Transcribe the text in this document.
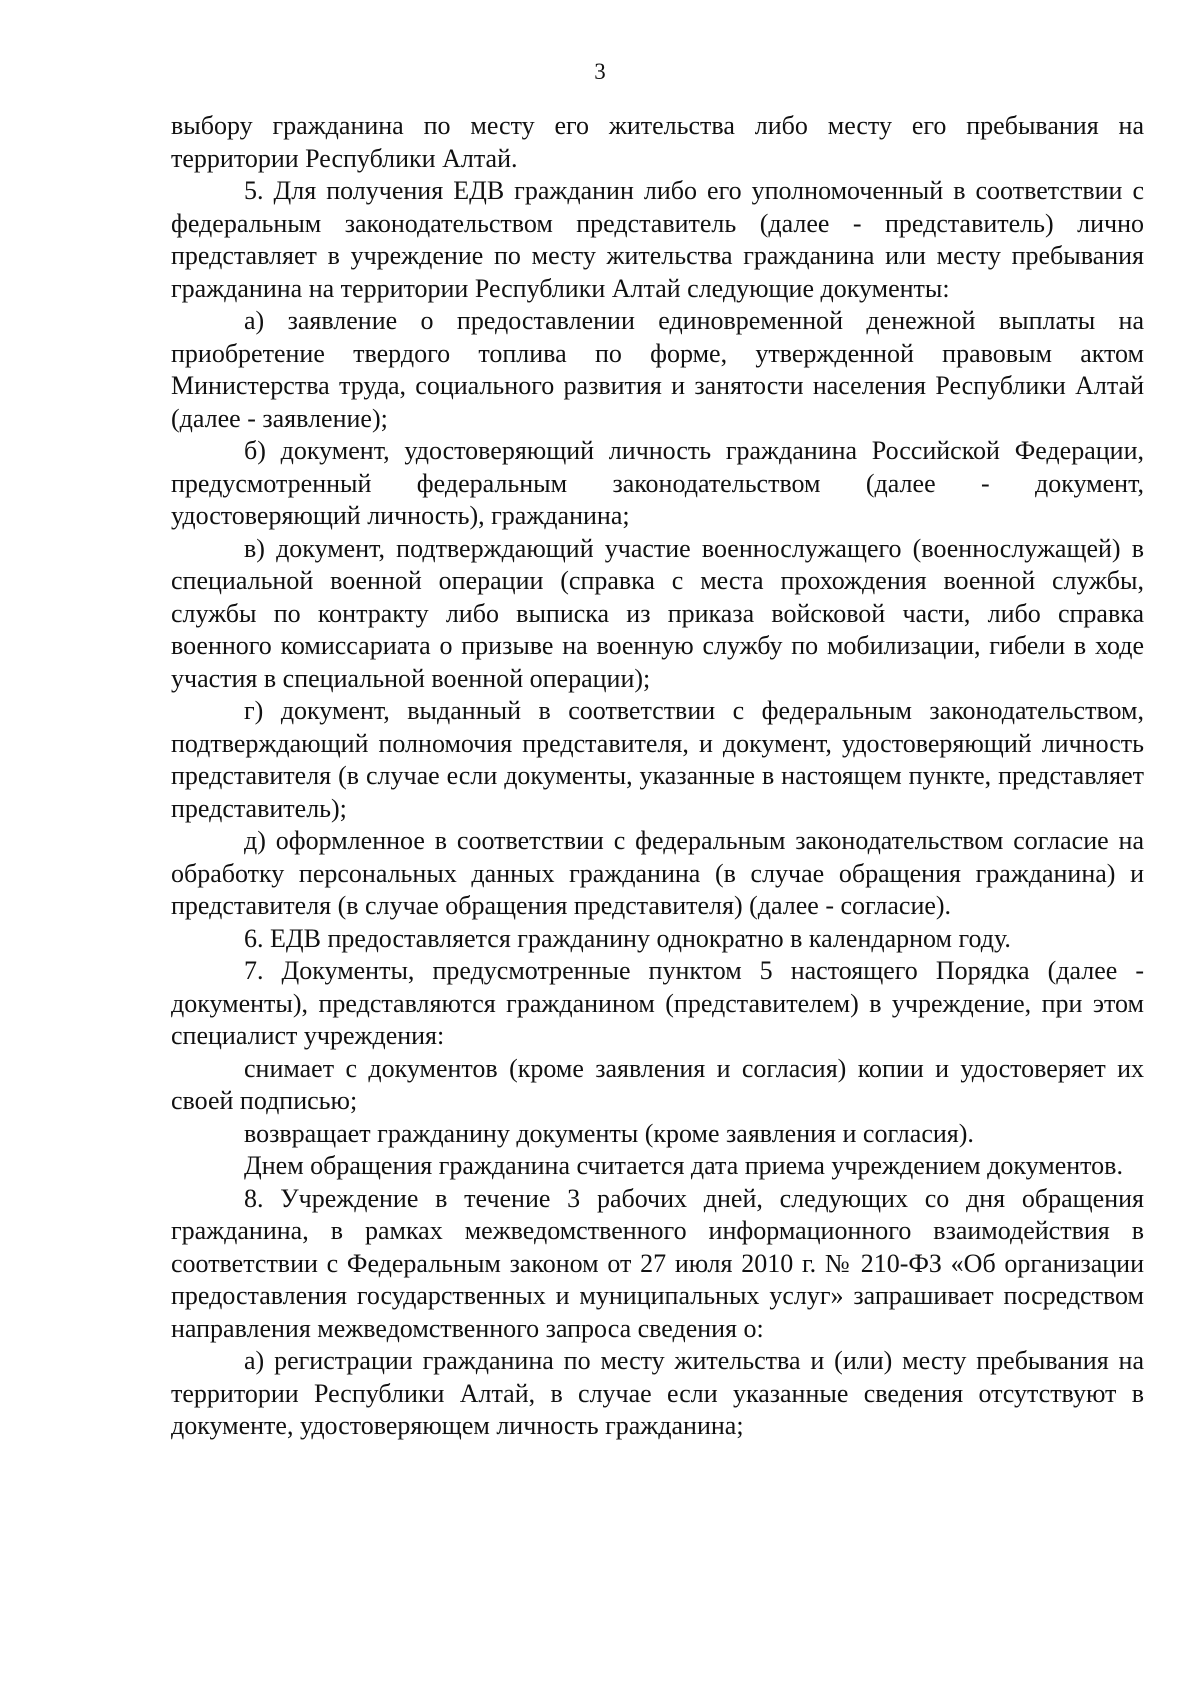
3

выбору гражданина по месту его жительства либо месту его пребывания на территории Республики Алтай.

5. Для получения ЕДВ гражданин либо его уполномоченный в соответствии с федеральным законодательством представитель (далее - представитель) лично представляет в учреждение по месту жительства гражданина или месту пребывания гражданина на территории Республики Алтай следующие документы:

а) заявление о предоставлении единовременной денежной выплаты на приобретение твердого топлива по форме, утвержденной правовым актом Министерства труда, социального развития и занятости населения Республики Алтай (далее - заявление);

б) документ, удостоверяющий личность гражданина Российской Федерации, предусмотренный федеральным законодательством (далее - документ, удостоверяющий личность), гражданина;

в) документ, подтверждающий участие военнослужащего (военнослужащей) в специальной военной операции (справка с места прохождения военной службы, службы по контракту либо выписка из приказа войсковой части, либо справка военного комиссариата о призыве на военную службу по мобилизации, гибели в ходе участия в специальной военной операции);

г) документ, выданный в соответствии с федеральным законодательством, подтверждающий полномочия представителя, и документ, удостоверяющий личность представителя (в случае если документы, указанные в настоящем пункте, представляет представитель);

д) оформленное в соответствии с федеральным законодательством согласие на обработку персональных данных гражданина (в случае обращения гражданина) и представителя (в случае обращения представителя) (далее - согласие).

6. ЕДВ предоставляется гражданину однократно в календарном году.

7. Документы, предусмотренные пунктом 5 настоящего Порядка (далее - документы), представляются гражданином (представителем) в учреждение, при этом специалист учреждения:

снимает с документов (кроме заявления и согласия) копии и удостоверяет их своей подписью;

возвращает гражданину документы (кроме заявления и согласия).

Днем обращения гражданина считается дата приема учреждением документов.

8. Учреждение в течение 3 рабочих дней, следующих со дня обращения гражданина, в рамках межведомственного информационного взаимодействия в соответствии с Федеральным законом от 27 июля 2010 г. № 210-ФЗ «Об организации предоставления государственных и муниципальных услуг» запрашивает посредством направления межведомственного запроса сведения о:

а) регистрации гражданина по месту жительства и (или) месту пребывания на территории Республики Алтай, в случае если указанные сведения отсутствуют в документе, удостоверяющем личность гражданина;
